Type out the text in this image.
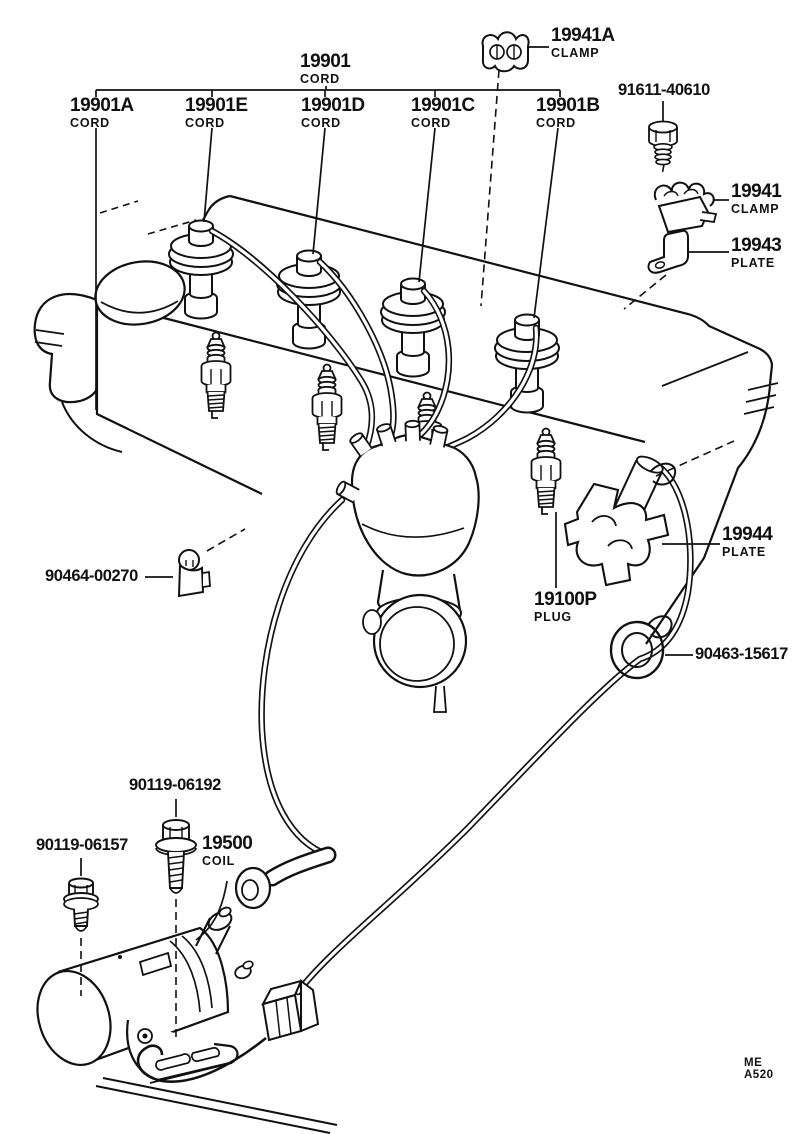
19901
CORD
19901A
CORD
19901E
CORD
19901D
CORD
19901C
CORD
19901B
CORD
19941A
CLAMP
91611-40610
19941
CLAMP
19943
PLATE
19944
PLATE
19100P
PLUG
90464-00270
90463-15617
90119-06192
90119-06157	19500
COIL
ME A520
